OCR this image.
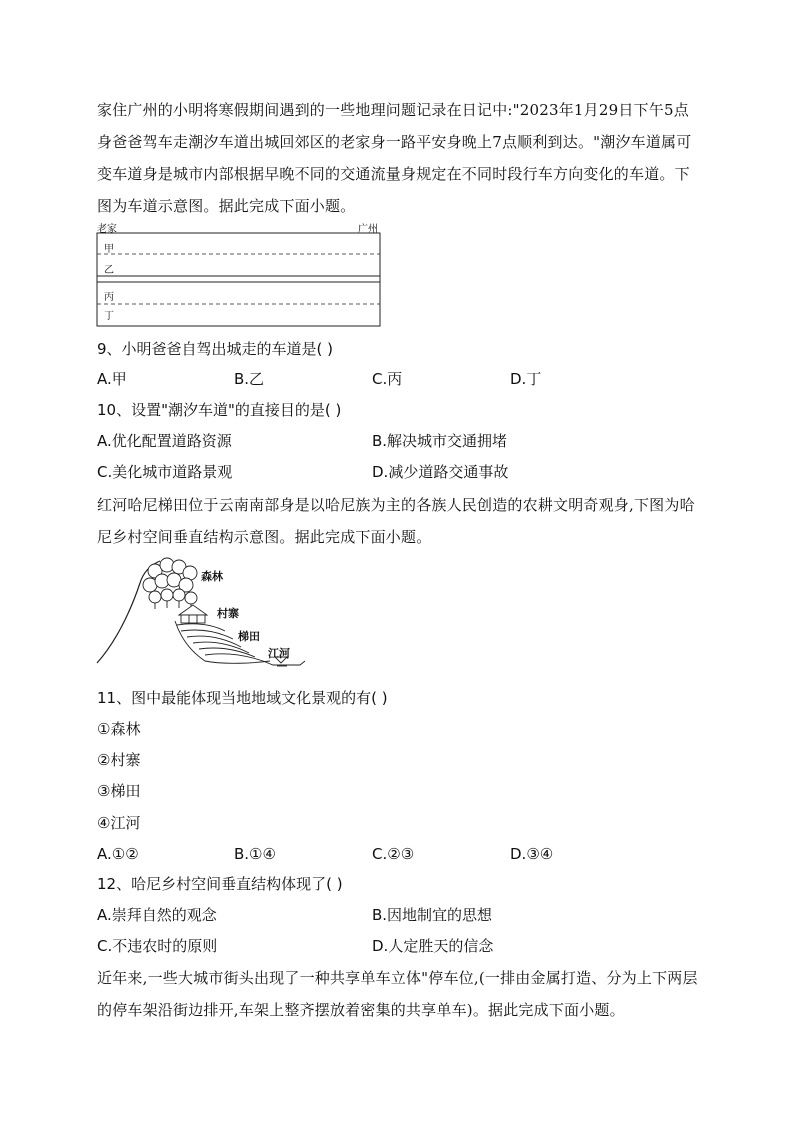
家住广州的小明将寒假期间遇到的一些地理问题记录在日记中:"2023年1月29日下午5点身爸爸驾车走潮汐车道出城回郊区的老家身一路平安身晚上7点顺利到达。"潮汐车道属可变车道身是城市内部根据早晚不同的交通流量身规定在不同时段行车方向变化的车道。下图为车道示意图。据此完成下面小题。
老家	广州
甲
乙
丙
丁
9、小明爸爸自驾出城走的车道是( )
A.甲	B.乙	C.丙	D.丁
10、设置"潮汐车道"的直接目的是( )
A.优化配置道路资源	B.解决城市交通拥堵
C.美化城市道路景观	D.减少道路交通事故
红河哈尼梯田位于云南南部身是以哈尼族为主的各族人民创造的农耕文明奇观身,下图为哈尼乡村空间垂直结构示意图。据此完成下面小题。
森林
村寨
梯田
江河
11、图中最能体现当地地域文化景观的有( )
①森林
②村寨
③梯田
④江河
A.①②	B.①④	C.②③	D.③④
12、哈尼乡村空间垂直结构体现了( )
A.崇拜自然的观念	B.因地制宜的思想
C.不违农时的原则	D.人定胜天的信念
近年来,一些大城市街头出现了一种共享单车立体"停车位,(一排由金属打造、分为上下两层的停车架沿街边排开,车架上整齐摆放着密集的共享单车)。据此完成下面小题。
